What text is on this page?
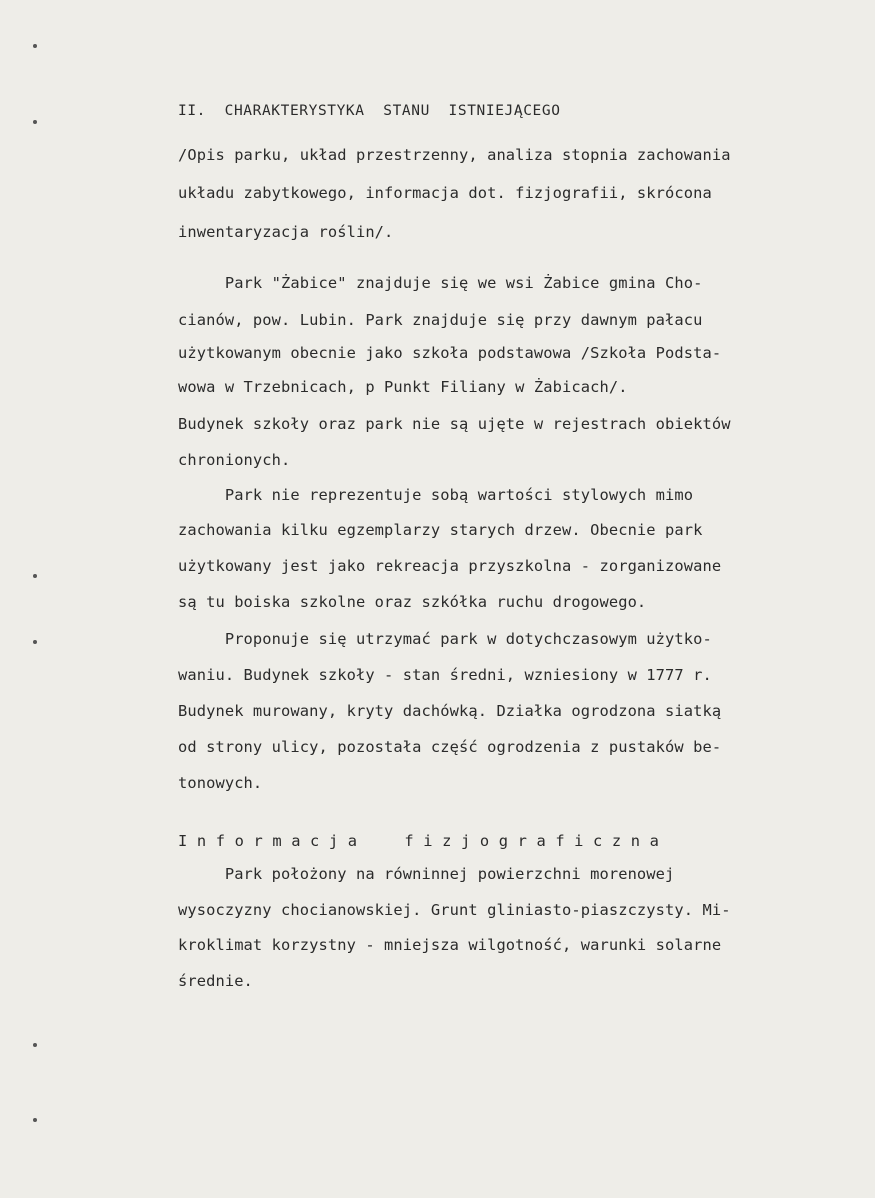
II.  CHARAKTERYSTYKA  STANU  ISTNIEJĄCEGO
/Opis parku, układ przestrzenny, analiza stopnia zachowania
układu zabytkowego, informacja dot. fizjografii, skrócona
inwentaryzacja roślin/.
Park "Żabice" znajduje się we wsi Żabice gmina Cho-
cianów, pow. Lubin. Park znajduje się przy dawnym pałacu
użytkowanym obecnie jako szkoła podstawowa /Szkoła Podsta-
wowa w Trzebnicach, p Punkt Filiany w Żabicach/.
Budynek szkoły oraz park nie są ujęte w rejestrach obiektów
chronionych.
Park nie reprezentuje sobą wartości stylowych mimo
zachowania kilku egzemplarzy starych drzew. Obecnie park
użytkowany jest jako rekreacja przyszkolna - zorganizowane
są tu boiska szkolne oraz szkółka ruchu drogowego.
Proponuje się utrzymać park w dotychczasowym użytko-
waniu. Budynek szkoły - stan średni, wzniesiony w 1777 r.
Budynek murowany, kryty dachówką. Działka ogrodzona siatką
od strony ulicy, pozostała część ogrodzenia z pustaków be-
tonowych.
Informacja  fizjograficzna
Park położony na równinnej powierzchni morenowej
wysoczyzny chocianowskiej. Grunt gliniasto-piaszczysty. Mi-
kroklimat korzystny - mniejsza wilgotność, warunki solarne
średnie.
